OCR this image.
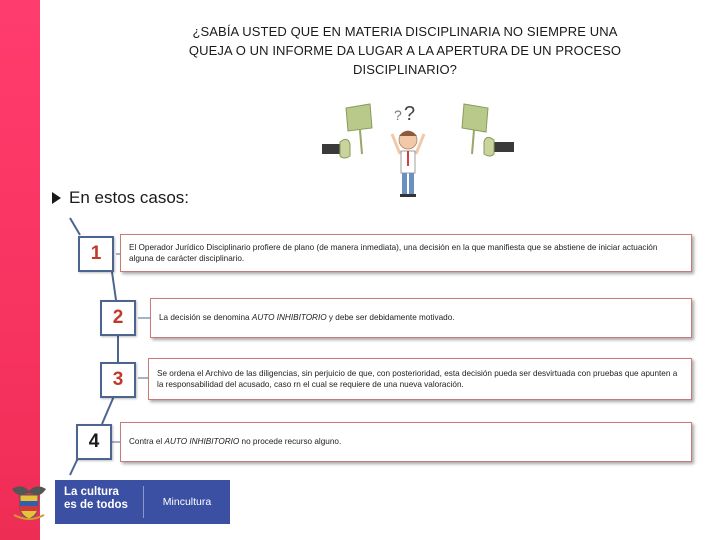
¿SABÍA USTED QUE EN MATERIA DISCIPLINARIA NO SIEMPRE UNA
QUEJA O UN INFORME DA LUGAR A LA APERTURA DE UN PROCESO
DISCIPLINARIO?
? ?
En estos casos:
1	El Operador Jurídico Disciplinario profiere de plano (de manera inmediata), una decisión en la que manifiesta que se abstiene de iniciar actuación alguna de carácter disciplinario.
2	La decisión se denomina AUTO INHIBITORIO y debe ser debidamente motivado.
3	Se ordena el Archivo de las diligencias, sin perjuicio de que, con posterioridad, esta decisión pueda ser desvirtuada con pruebas que apunten a la responsabilidad del acusado, caso rn el cual se requiere de una nueva valoración.
4	Contra el AUTO INHIBITORIO no procede recurso alguno.
La cultura
es de todos	Mincultura
